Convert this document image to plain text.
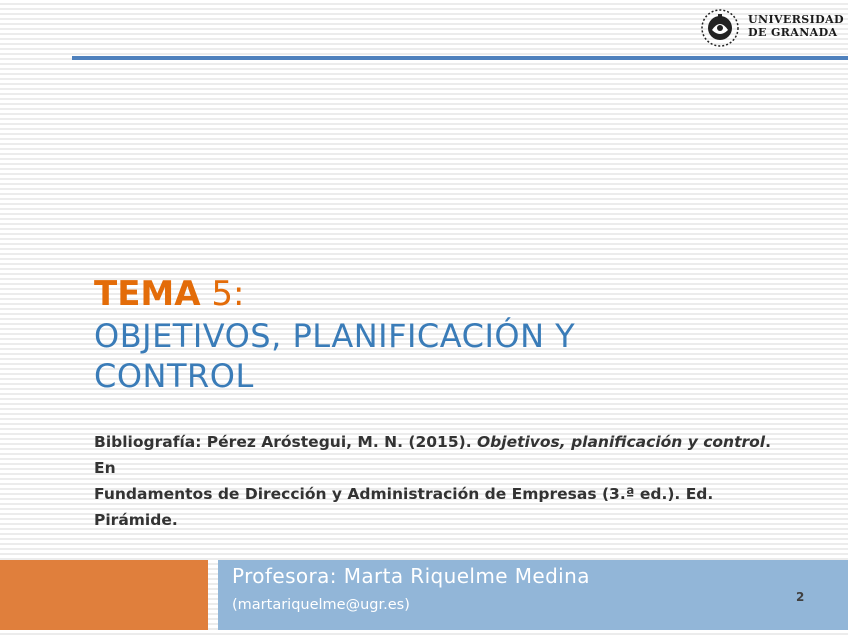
UNIVERSIDAD
DE GRANADA
TEMA 5:
OBJETIVOS, PLANIFICACIÓN Y
CONTROL
Bibliografía: Pérez Aróstegui, M. N. (2015). Objetivos, planificación y control. En
Fundamentos de Dirección y Administración de Empresas (3.ª ed.). Ed. Pirámide.
Profesora: Marta Riquelme Medina
(martariquelme@ugr.es)	2
